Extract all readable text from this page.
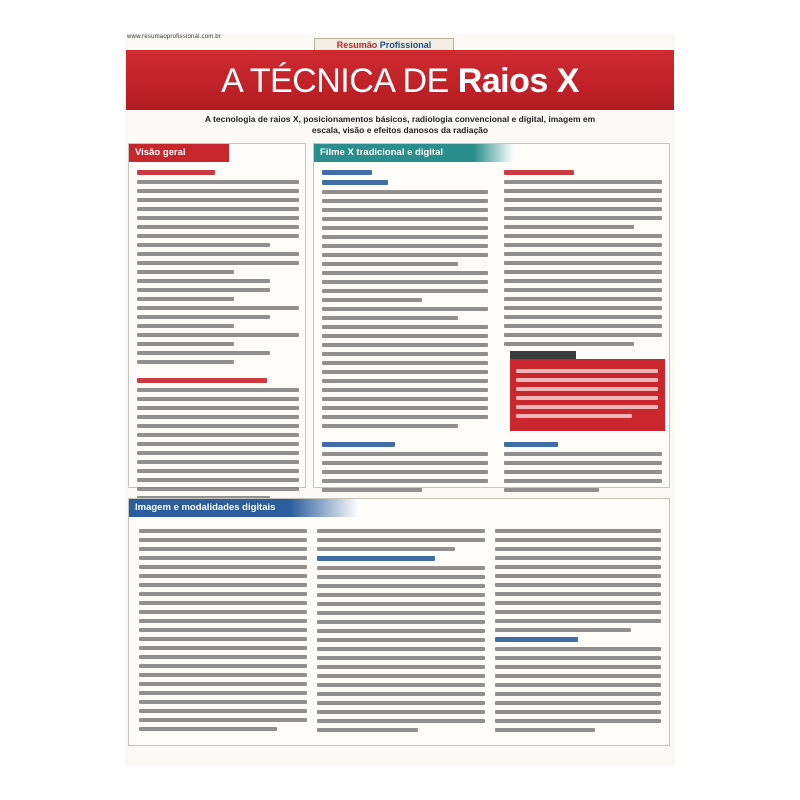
www.resumaoprofissional.com.br
Resumão Profissional
A TÉCNICA DE Raios X
A tecnologia de raios X, posicionamentos básicos, radiologia convencional e digital, imagem em escala, visão e efeitos danosos da radiação
Visão geral	Filme X tradicional e digital
Imagem e modalidades digitais
